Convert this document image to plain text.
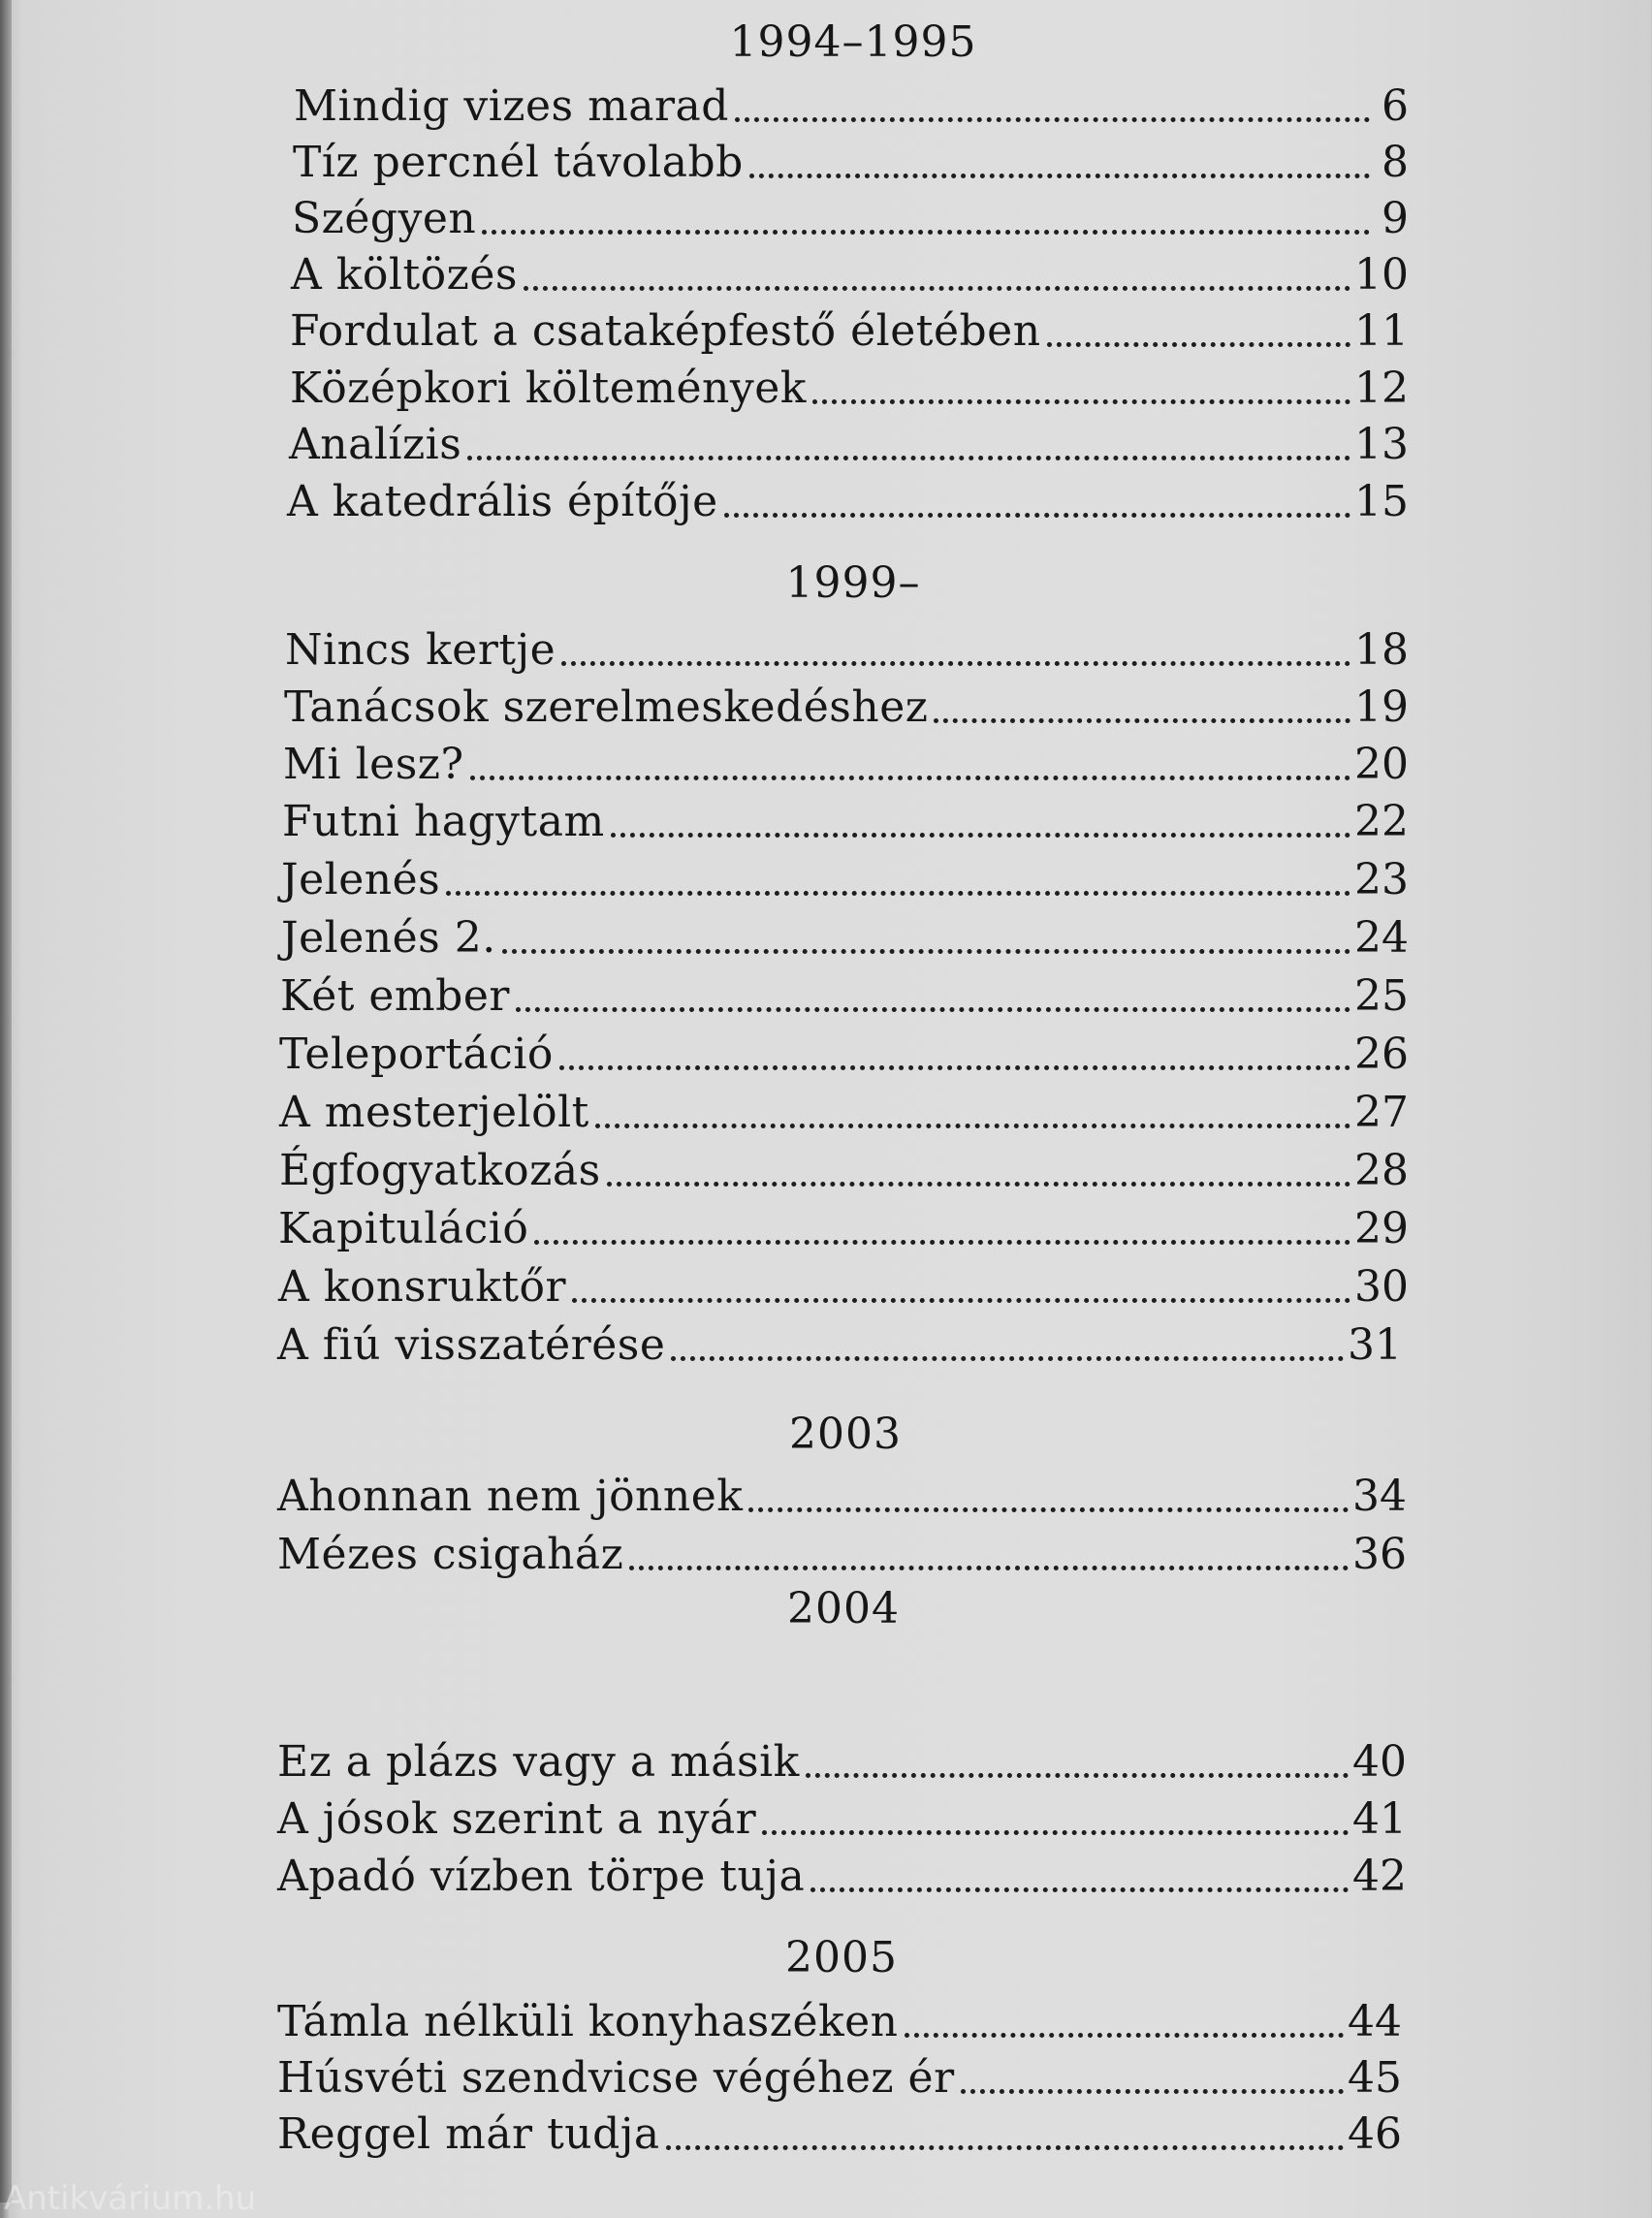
1994–1995
Mindig vizes marad	6
Tíz percnél távolabb	8
Szégyen	9
A költözés	10
Fordulat a csataképfestő életében	11
Középkori költemények	12
Analízis	13
A katedrális építője	15
1999–
Nincs kertje	18
Tanácsok szerelmeskedéshez	19
Mi lesz?	20
Futni hagytam	22
Jelenés	23
Jelenés 2.	24
Két ember	25
Teleportáció	26
A mesterjelölt	27
Égfogyatkozás	28
Kapituláció	29
A konsruktőr	30
A fiú visszatérése	31
2003
Ahonnan nem jönnek	34
Mézes csigaház	36
2004
Ez a plázs vagy a másik	40
A jósok szerint a nyár	41
Apadó vízben törpe tuja	42
2005
Támla nélküli konyhaszéken	44
Húsvéti szendvicse végéhez ér	45
Reggel már tudja	46
Antikvárium.hu
